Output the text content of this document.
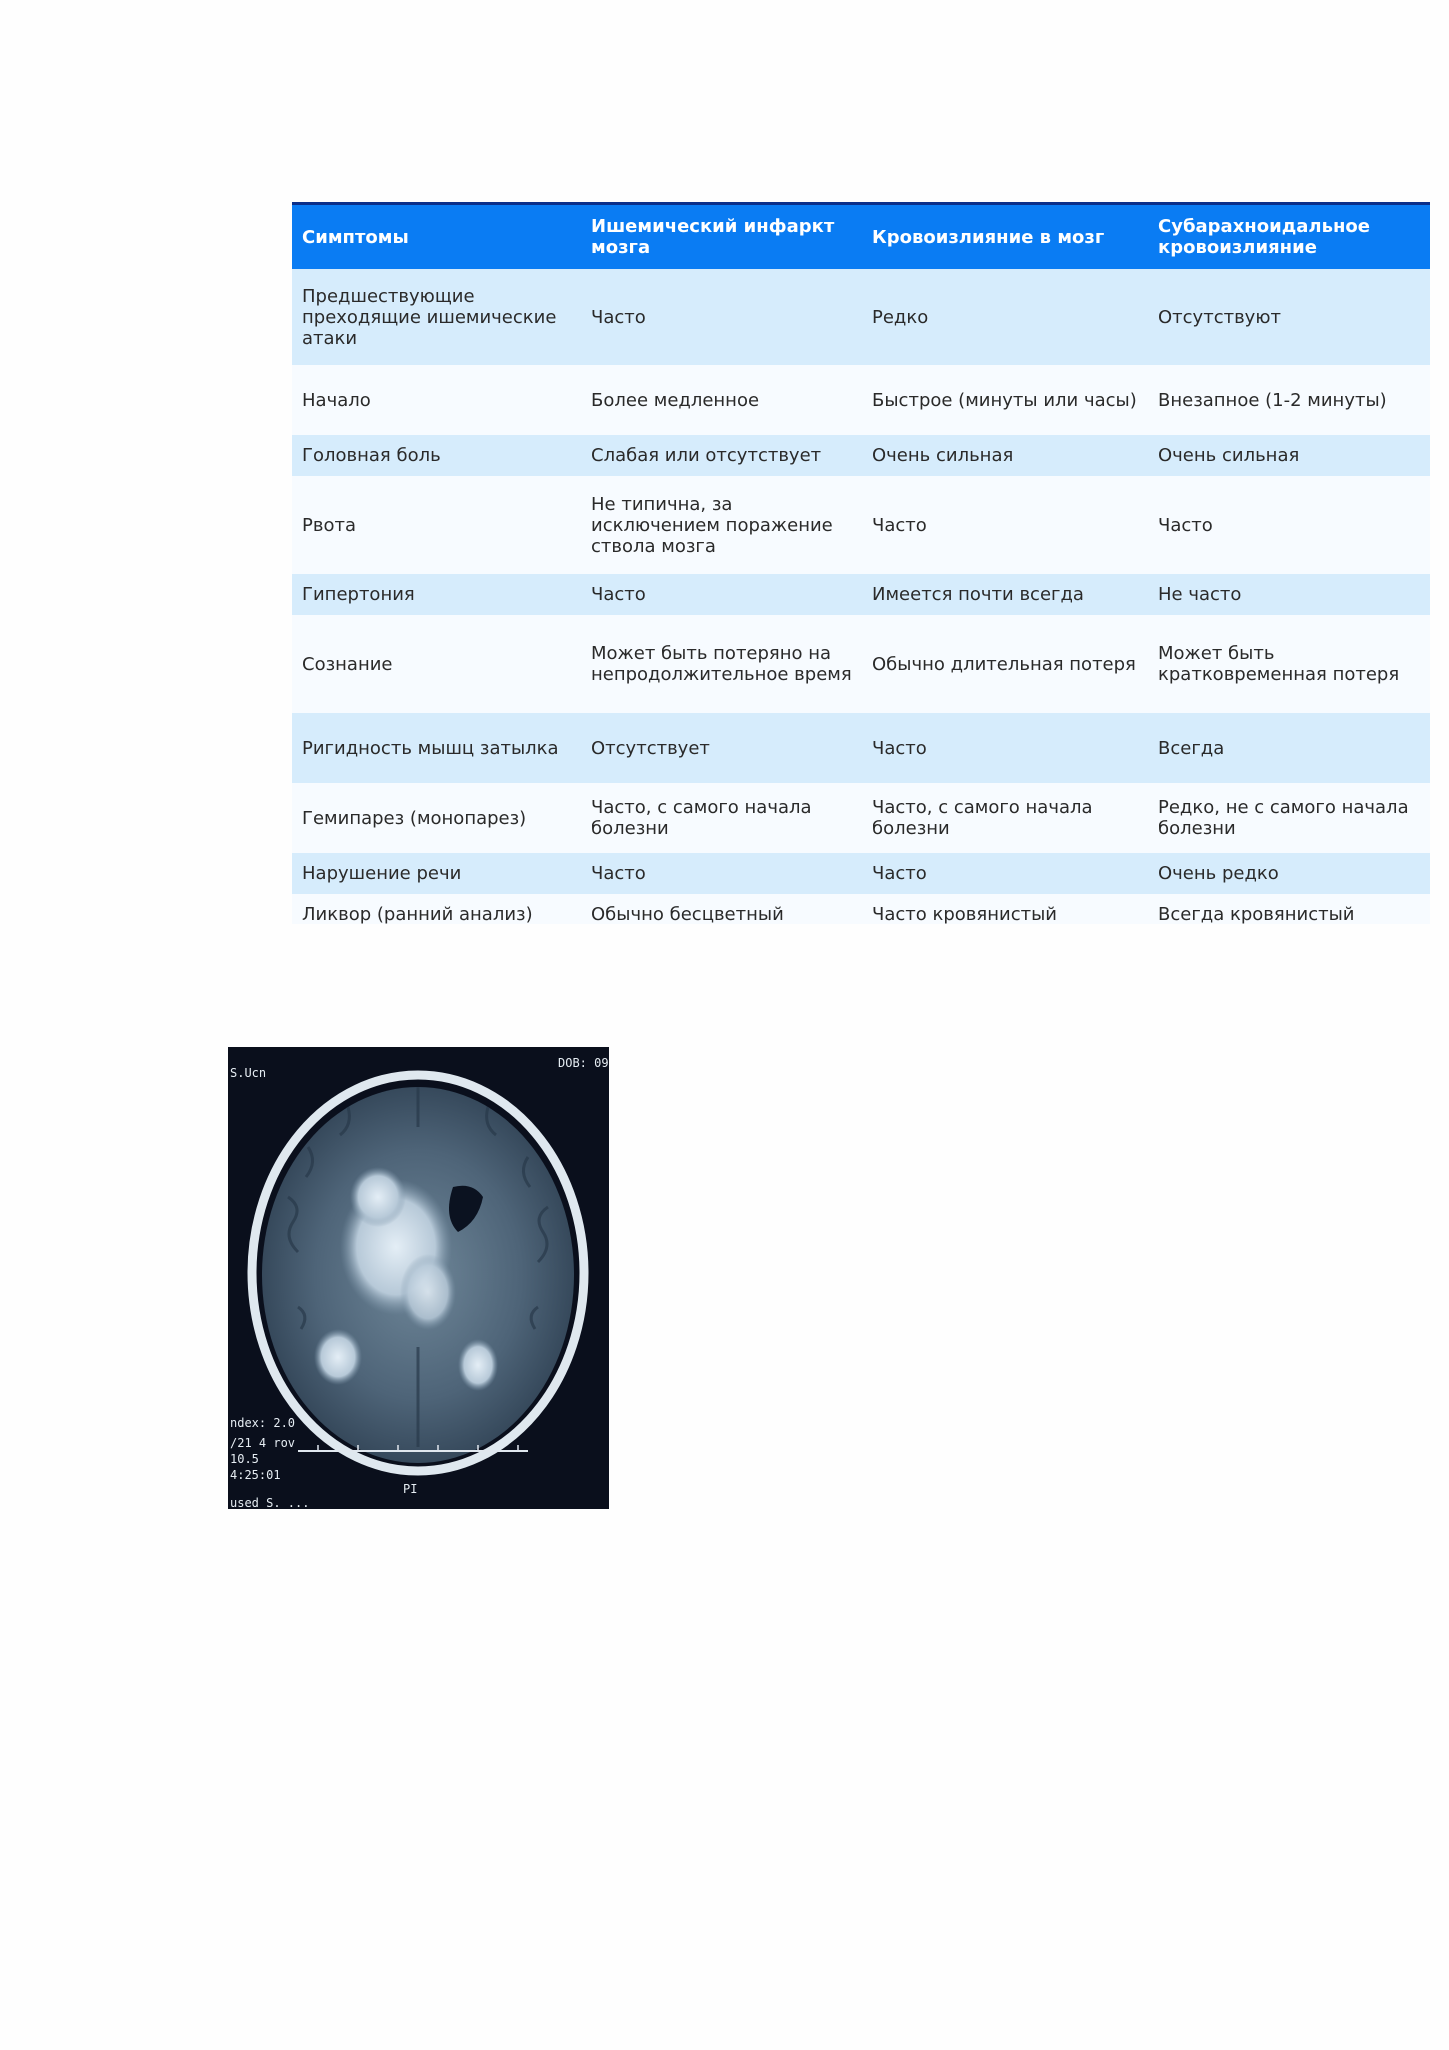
Симптомы	Ишемический инфаркт мозга	Кровоизлияние в мозг	Субарахноидальное кровоизлияние
Предшествующие преходящие ишемические атаки	Часто	Редко	Отсутствуют
Начало	Более медленное	Быстрое (минуты или часы)	Внезапное (1-2 минуты)
Головная боль	Слабая или отсутствует	Очень сильная	Очень сильная
Рвота	Не типична, за исключением поражение ствола мозга	Часто	Часто
Гипертония	Часто	Имеется почти всегда	Не часто
Сознание	Может быть потеряно на непродолжительное время	Обычно длительная потеря	Может быть кратковременная потеря
Ригидность мышц затылка	Отсутствует	Часто	Всегда
Гемипарез (монопарез)	Часто, с самого начала болезни	Часто, с самого начала болезни	Редко, не с самого начала болезни
Нарушение речи	Часто	Часто	Очень редко
Ликвор (ранний анализ)	Обычно бесцветный	Часто кровянистый	Всегда кровянистый
S.Ucn
DOB: 09
ndex: 2.0
/21 4 rov
10.5
4:25:01
PI
used S. ...
